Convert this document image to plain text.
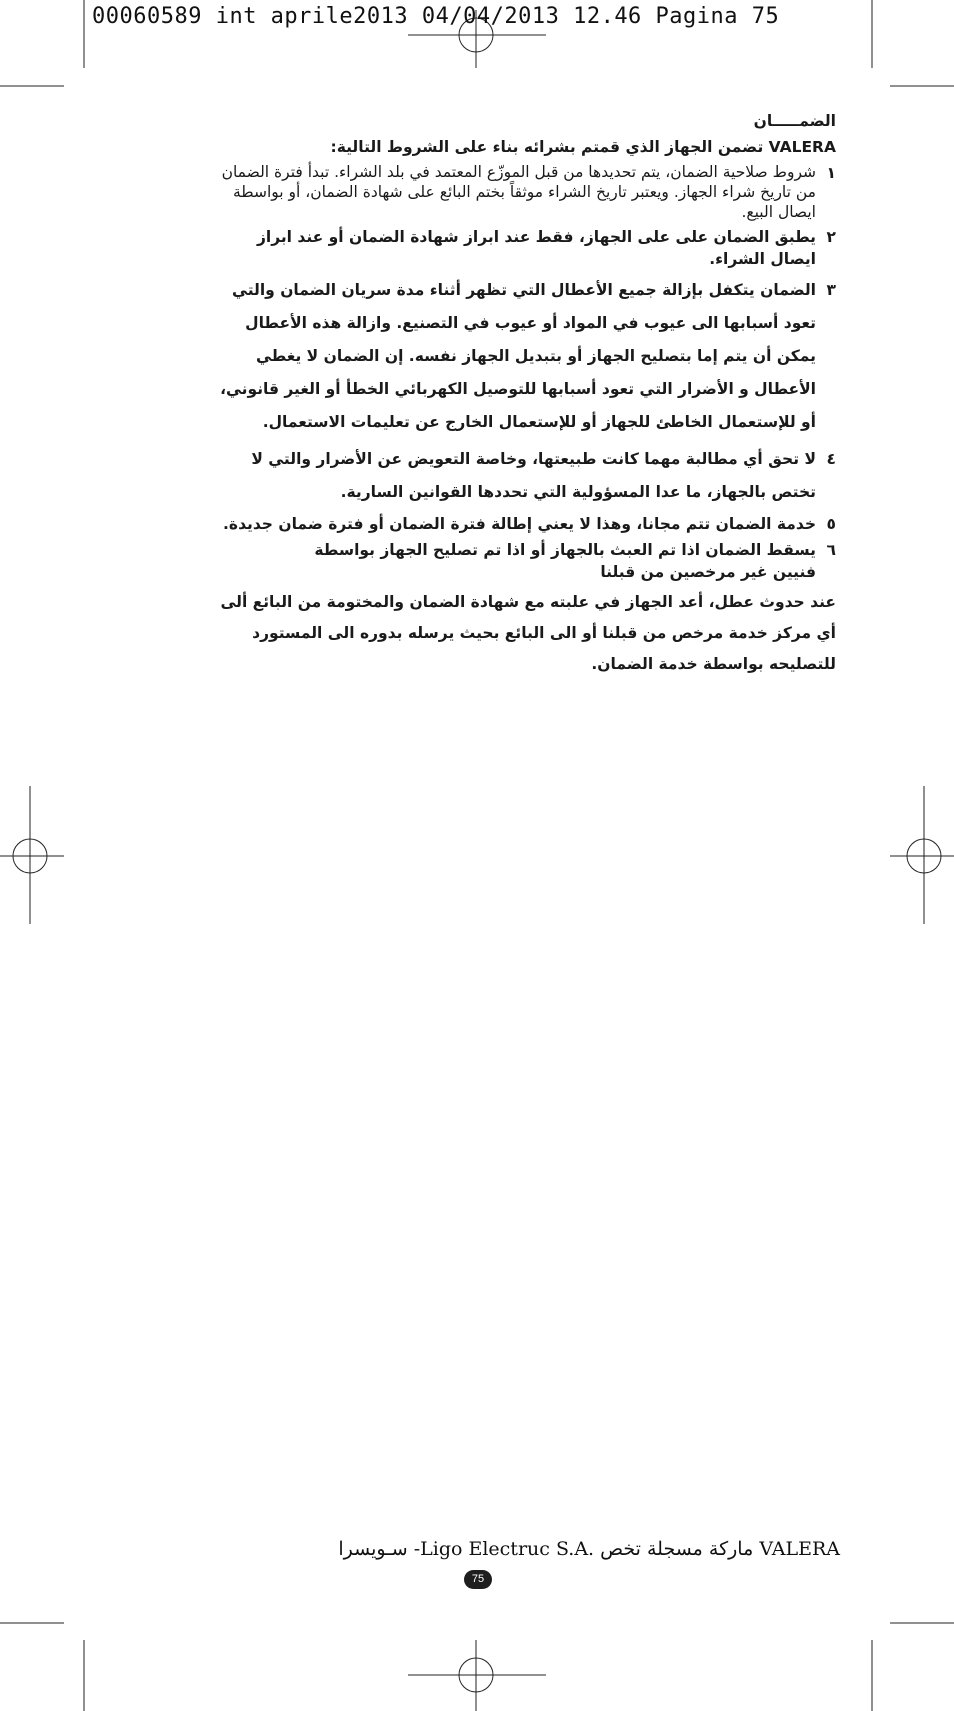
00060589 int aprile2013 04/04/2013 12.46 Pagina 75

الضمـــــان

VALERA تضمن الجهاز الذي قمتم بشرائه بناء على الشروط التالية:

١
شروط صلاحية الضمان، يتم تحديدها من قبل الموزّع المعتمد في بلد الشراء. تبدأ فترة الضمان من تاريخ شراء الجهاز. ويعتبر تاريخ الشراء موثقاً بختم البائع على شهادة الضمان، أو بواسطة ايصال البيع.
٢
يطبق الضمان على على الجهاز، فقط عند ابراز شهادة الضمان أو عند ابراز ايصال الشراء.
٣
الضمان يتكفل بإزالة جميع الأعطال التي تظهر أثناء مدة سريان الضمان والتي تعود أسبابها الى عيوب في المواد أو عيوب في التصنيع. وازالة هذه الأعطال يمكن أن يتم إما بتصليح الجهاز أو بتبديل الجهاز نفسه. إن الضمان لا يغطي الأعطال و الأضرار التي تعود أسبابها للتوصيل الكهربائي الخطأ أو الغير قانوني، أو للإستعمال الخاطئ للجهاز أو للإستعمال الخارج عن تعليمات الاستعمال.
٤
لا تحق أي مطالبة مهما كانت طبيعتها، وخاصة التعويض عن الأضرار والتي لا تختص بالجهاز، ما عدا المسؤولية التي تحددها القوانين السارية.
٥
خدمة الضمان تتم مجانا، وهذا لا يعني إطالة فترة الضمان أو فترة ضمان جديدة.
٦
يسقط الضمان اذا تم العبث بالجهاز أو اذا تم تصليح الجهاز بواسطة فنيين غير مرخصين من قبلنا

عند حدوث عطل، أعد الجهاز في علبته مع شهادة الضمان والمختومة من البائع ألى أي مركز خدمة مرخص من قبلنا أو الى البائع بحيث يرسله بدوره الى المستورد للتصليحه بواسطة خدمة الضمان.

VALERA ماركة مسجلة تخص .Ligo Electruc S.A- سـويسرا

75
